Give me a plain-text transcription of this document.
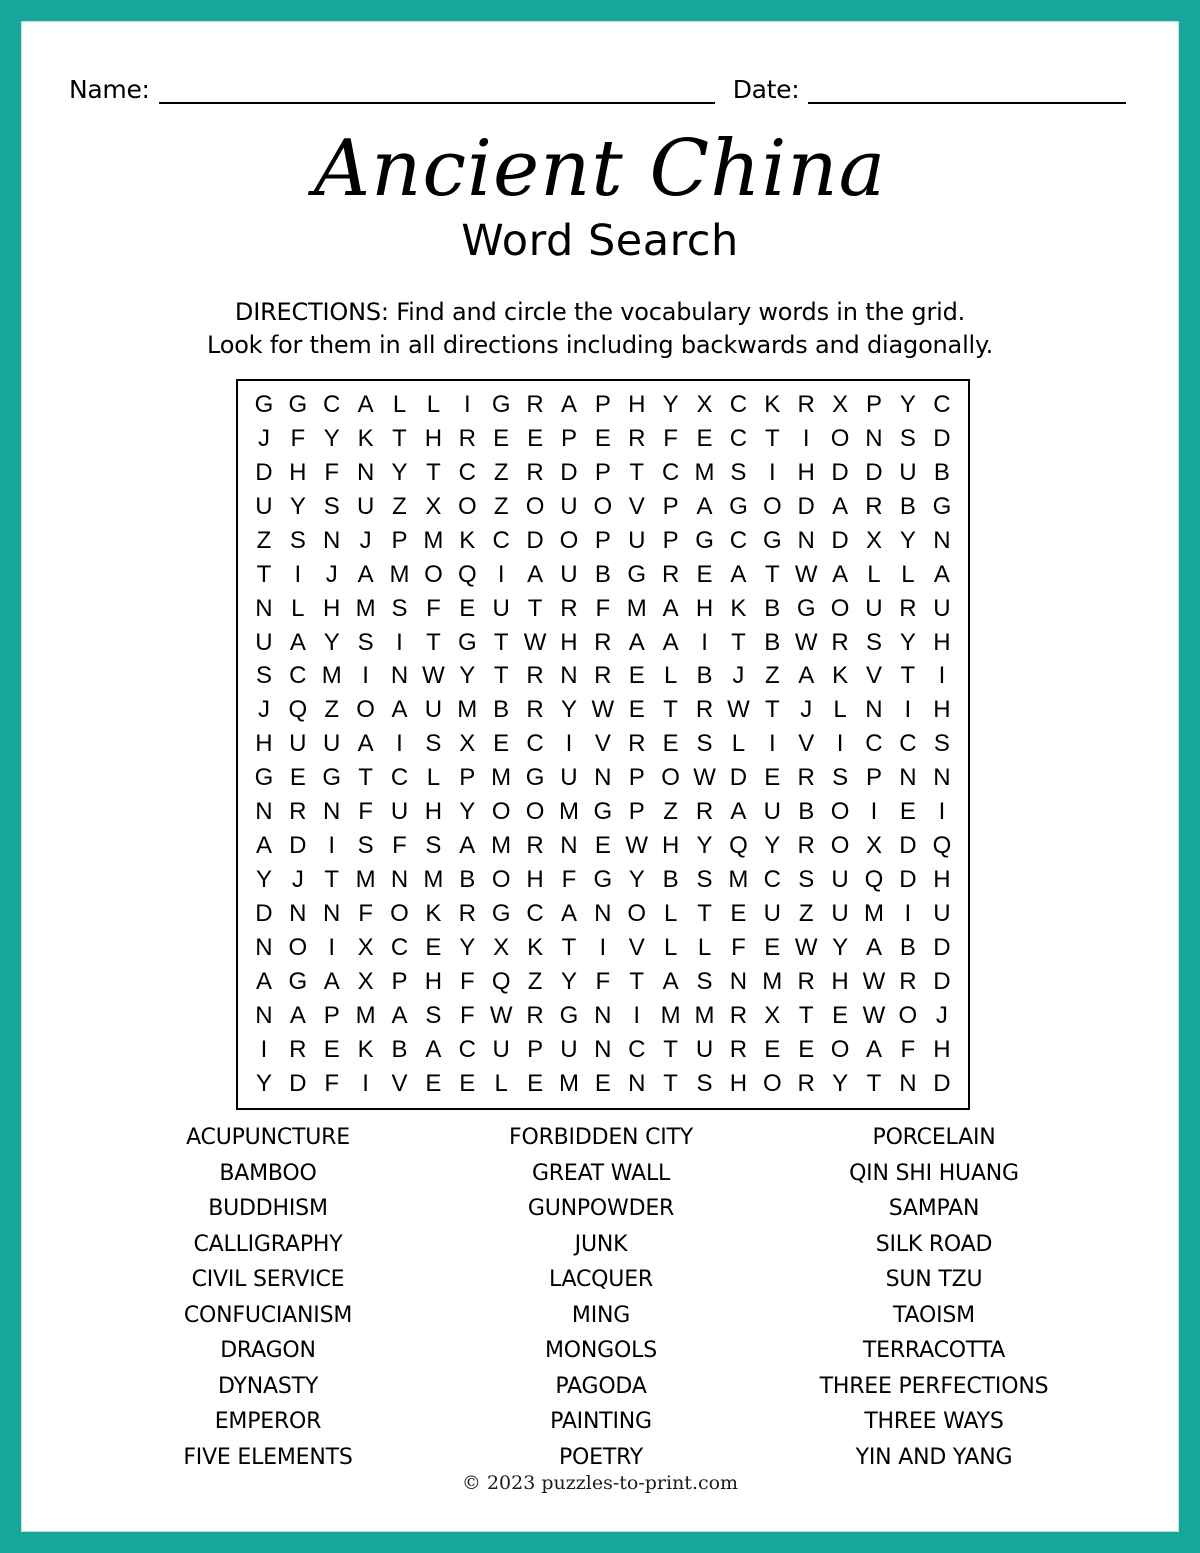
Name:	Date:
Ancient China
Word Search
DIRECTIONS: Find and circle the vocabulary words in the grid.
Look for them in all directions including backwards and diagonally.
G	G	C	A	L	L	I	G	R	A	P	H	Y	X	C	K	R	X	P	Y	C
J	F	Y	K	T	H	R	E	E	P	E	R	F	E	C	T	I	O	N	S	D
D	H	F	N	Y	T	C	Z	R	D	P	T	C	M	S	I	H	D	D	U	B
U	Y	S	U	Z	X	O	Z	O	U	O	V	P	A	G	O	D	A	R	B	G
Z	S	N	J	P	M	K	C	D	O	P	U	P	G	C	G	N	D	X	Y	N
T	I	J	A	M	O	Q	I	A	U	B	G	R	E	A	T	W	A	L	L	A
N	L	H	M	S	F	E	U	T	R	F	M	A	H	K	B	G	O	U	R	U
U	A	Y	S	I	T	G	T	W	H	R	A	A	I	T	B	W	R	S	Y	H
S	C	M	I	N	W	Y	T	R	N	R	E	L	B	J	Z	A	K	V	T	I
J	Q	Z	O	A	U	M	B	R	Y	W	E	T	R	W	T	J	L	N	I	H
H	U	U	A	I	S	X	E	C	I	V	R	E	S	L	I	V	I	C	C	S
G	E	G	T	C	L	P	M	G	U	N	P	O	W	D	E	R	S	P	N	N
N	R	N	F	U	H	Y	O	O	M	G	P	Z	R	A	U	B	O	I	E	I
A	D	I	S	F	S	A	M	R	N	E	W	H	Y	Q	Y	R	O	X	D	Q
Y	J	T	M	N	M	B	O	H	F	G	Y	B	S	M	C	S	U	Q	D	H
D	N	N	F	O	K	R	G	C	A	N	O	L	T	E	U	Z	U	M	I	U
N	O	I	X	C	E	Y	X	K	T	I	V	L	L	F	E	W	Y	A	B	D
A	G	A	X	P	H	F	Q	Z	Y	F	T	A	S	N	M	R	H	W	R	D
N	A	P	M	A	S	F	W	R	G	N	I	M	M	R	X	T	E	W	O	J
I	R	E	K	B	A	C	U	P	U	N	C	T	U	R	E	E	O	A	F	H
Y	D	F	I	V	E	E	L	E	M	E	N	T	S	H	O	R	Y	T	N	D
ACUPUNCTURE
BAMBOO
BUDDHISM
CALLIGRAPHY
CIVIL SERVICE
CONFUCIANISM
DRAGON
DYNASTY
EMPEROR
FIVE ELEMENTS
FORBIDDEN CITY
GREAT WALL
GUNPOWDER
JUNK
LACQUER
MING
MONGOLS
PAGODA
PAINTING
POETRY
PORCELAIN
QIN SHI HUANG
SAMPAN
SILK ROAD
SUN TZU
TAOISM
TERRACOTTA
THREE PERFECTIONS
THREE WAYS
YIN AND YANG
© 2023 puzzles-to-print.com
